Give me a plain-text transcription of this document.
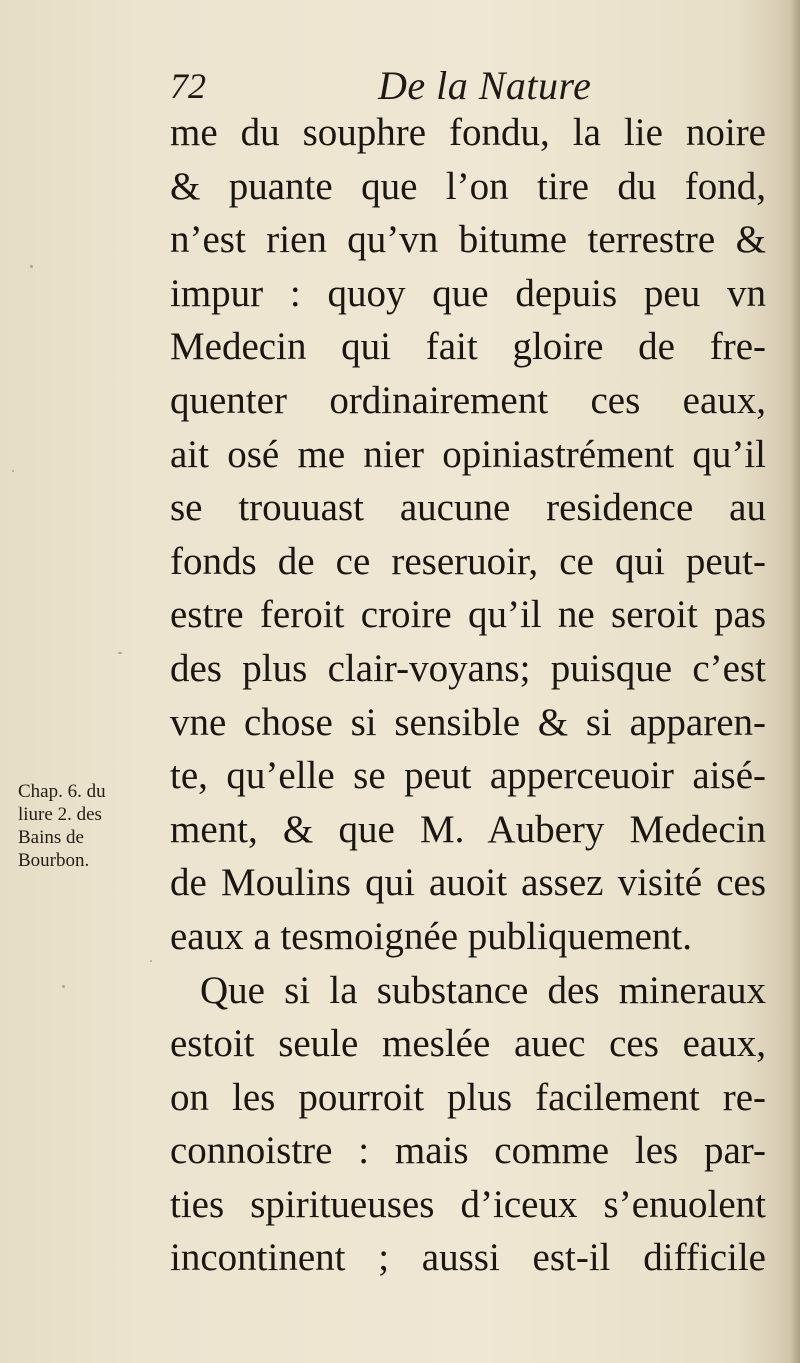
72	De la Nature
me du souphre fondu, la lie noire
& puante que l’on tire du fond,
n’est rien qu’vn bitume terrestre &
impur : quoy que depuis peu vn
Medecin qui fait gloire de fre-
quenter ordinairement ces eaux,
ait osé me nier opiniastrément qu’il
se trouuast aucune residence au
fonds de ce reseruoir, ce qui peut-
estre feroit croire qu’il ne seroit pas
des plus clair-voyans; puisque c’est
vne chose si sensible & si apparen-
te, qu’elle se peut apperceuoir aisé-
ment, & que M. Aubery Medecin
de Moulins qui auoit assez visité ces
eaux a tesmoignée publiquement.
Que si la substance des mineraux
estoit seule meslée auec ces eaux,
on les pourroit plus facilement re-
connoistre : mais comme les par-
ties spiritueuses d’iceux s’enuolent
incontinent ; aussi est-il difficile
Chap. 6. du
liure 2. des
Bains de
Bourbon.
